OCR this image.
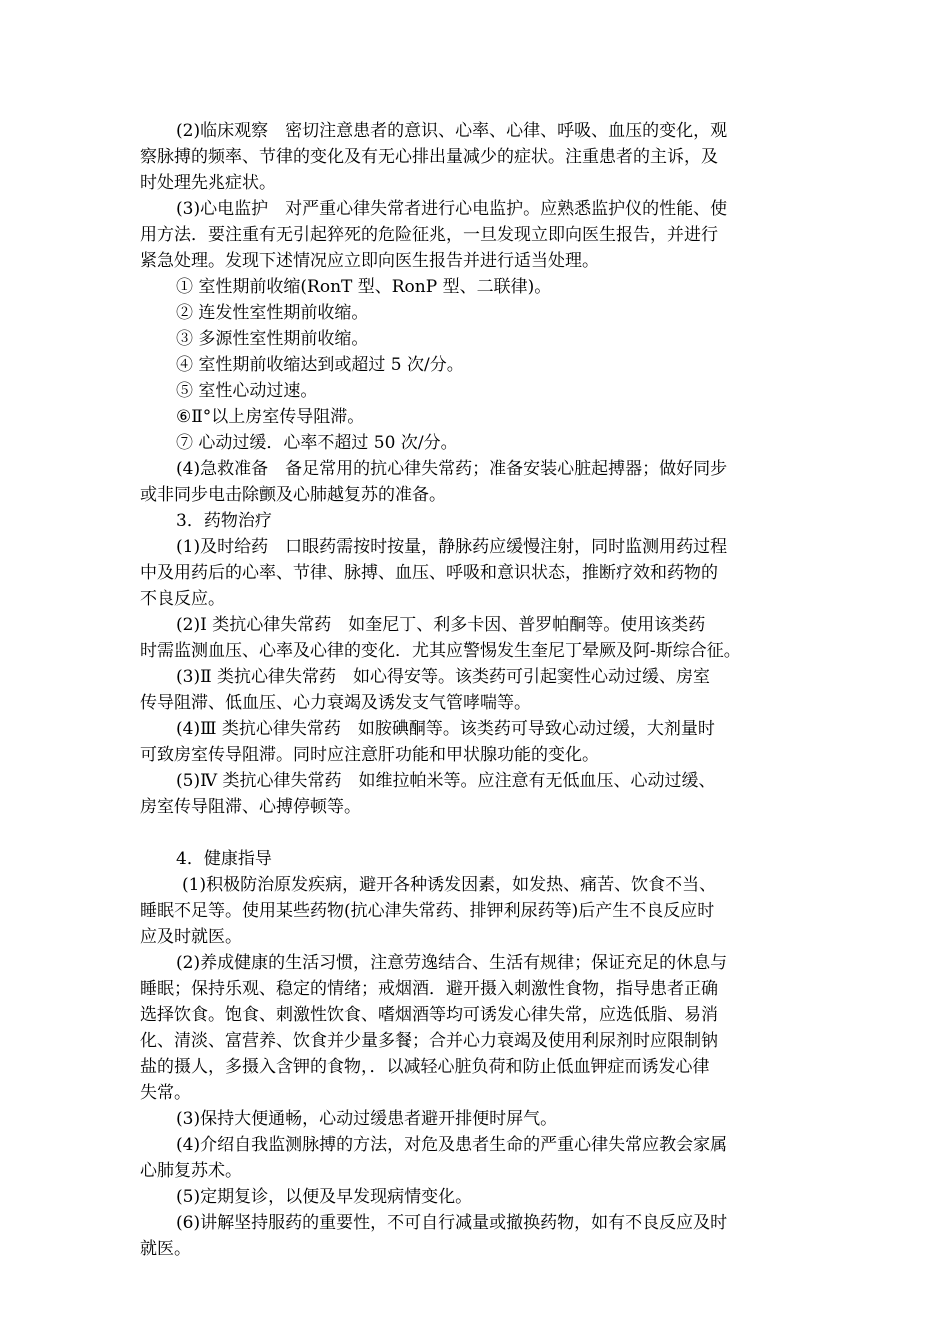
(2)临床观察　密切注意患者的意识、心率、心律、呼吸、血压的变化，观
察脉搏的频率、节律的变化及有无心排出量减少的症状。注重患者的主诉，及
时处理先兆症状。
(3)心电监护　对严重心律失常者进行心电监护。应熟悉监护仪的性能、使
用方法．要注重有无引起猝死的危险征兆，一旦发现立即向医生报告，并进行
紧急处理。发现下述情况应立即向医生报告并进行适当处理。
① 室性期前收缩(RonT 型、RonP 型、二联律)。
② 连发性室性期前收缩。
③ 多源性室性期前收缩。
④ 室性期前收缩达到或超过 5 次/分。
⑤ 室性心动过速。
⑥Ⅱ°以上房室传导阻滞。
⑦ 心动过缓．心率不超过 50 次/分。
(4)急救准备　备足常用的抗心律失常药；准备安装心脏起搏器；做好同步
或非同步电击除颤及心肺越复苏的准备。
3．药物治疗
(1)及时给药　口眼药需按时按量，静脉药应缓慢注射，同时监测用药过程
中及用药后的心率、节律、脉搏、血压、呼吸和意识状态，推断疗效和药物的
不良反应。
(2)Ⅰ 类抗心律失常药　如奎尼丁、利多卡因、普罗帕酮等。使用该类药
时需监测血压、心率及心律的变化．尤其应警惕发生奎尼丁晕厥及阿-斯综合征。
(3)Ⅱ 类抗心律失常药　如心得安等。该类药可引起窦性心动过缓、房室
传导阻滞、低血压、心力衰竭及诱发支气管哮喘等。
(4)Ⅲ 类抗心律失常药　如胺碘酮等。该类药可导致心动过缓，大剂量时
可致房室传导阻滞。同时应注意肝功能和甲状腺功能的变化。
(5)Ⅳ 类抗心律失常药　如维拉帕米等。应注意有无低血压、心动过缓、
房室传导阻滞、心搏停顿等。
4．健康指导
(1)积极防治原发疾病，避开各种诱发因素，如发热、痛苦、饮食不当、
睡眠不足等。使用某些药物(抗心津失常药、排钾利尿药等)后产生不良反应时
应及时就医。
(2)养成健康的生活习惯，注意劳逸结合、生活有规律；保证充足的休息与
睡眠；保持乐观、稳定的情绪；戒烟酒．避开摄入刺激性食物，指导患者正确
选择饮食。饱食、刺激性饮食、嗜烟酒等均可诱发心律失常，应选低脂、易消
化、清淡、富营养、饮食并少量多餐；合并心力衰竭及使用利尿剂时应限制钠
盐的摄人，多摄入含钾的食物，．以减轻心脏负荷和防止低血钾症而诱发心律
失常。
(3)保持大便通畅，心动过缓患者避开排便时屏气。
(4)介绍自我监测脉搏的方法，对危及患者生命的严重心律失常应教会家属
心肺复苏术。
(5)定期复诊，以便及早发现病情变化。
(6)讲解坚持服药的重要性，不可自行减量或撤换药物，如有不良反应及时
就医。
